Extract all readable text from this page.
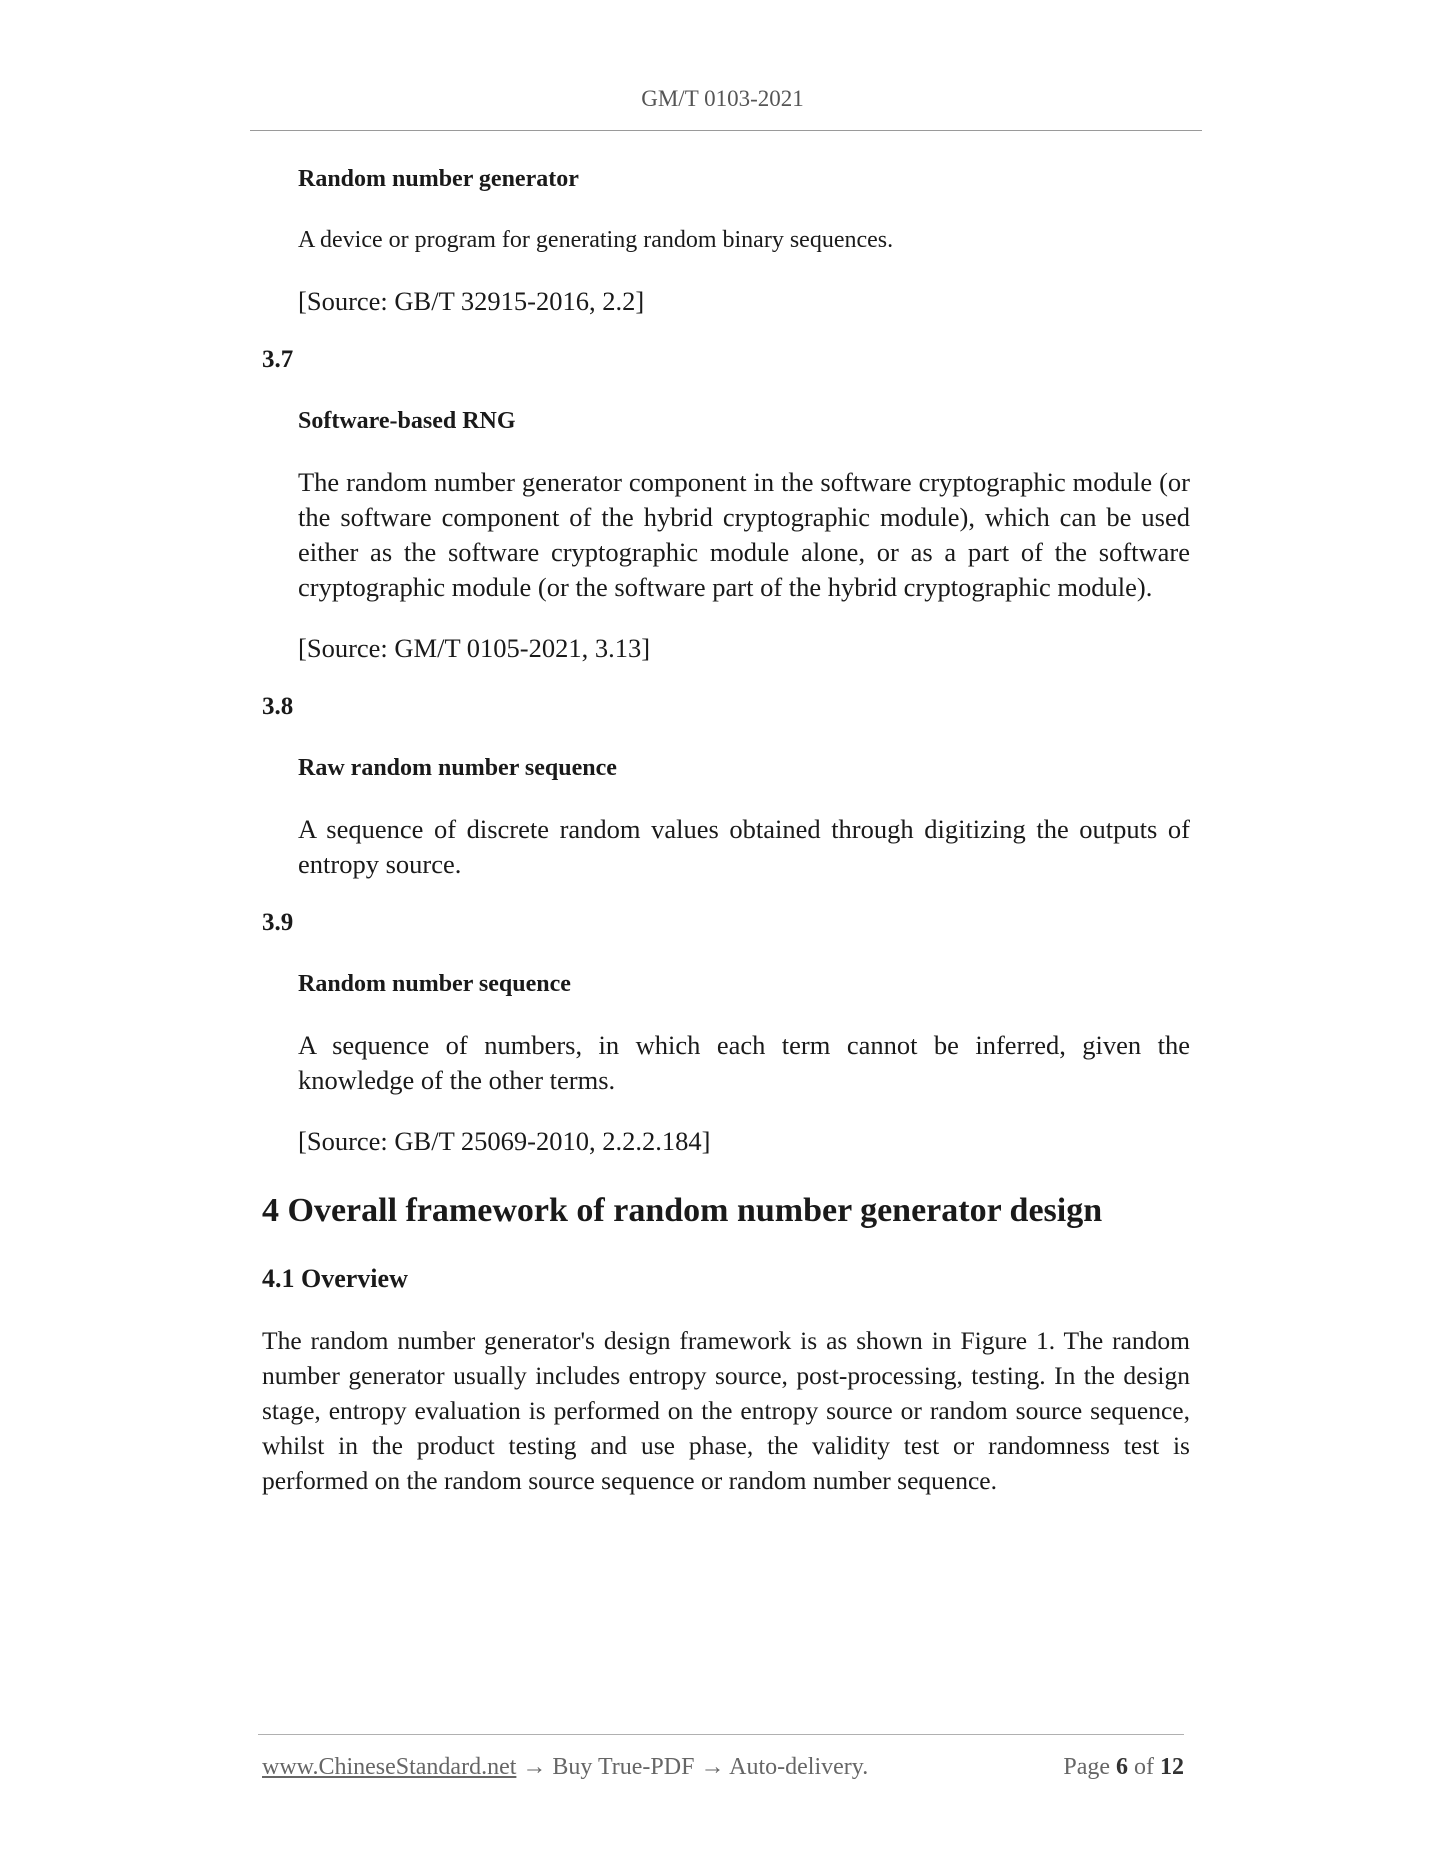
GM/T 0103-2021

Random number generator

A device or program for generating random binary sequences.

[Source: GB/T 32915-2016, 2.2]

3.7

Software-based RNG

The random number generator component in the software cryptographic module (or the software component of the hybrid cryptographic module), which can be used either as the software cryptographic module alone, or as a part of the software cryptographic module (or the software part of the hybrid cryptographic module).

[Source: GM/T 0105-2021, 3.13]

3.8

Raw random number sequence

A sequence of discrete random values obtained through digitizing the outputs of entropy source.

3.9

Random number sequence

A sequence of numbers, in which each term cannot be inferred, given the knowledge of the other terms.

[Source: GB/T 25069-2010, 2.2.2.184]

4 Overall framework of random number generator design
4.1 Overview

The random number generator's design framework is as shown in Figure 1. The random number generator usually includes entropy source, post-processing, testing. In the design stage, entropy evaluation is performed on the entropy source or random source sequence, whilst in the product testing and use phase, the validity test or randomness test is performed on the random source sequence or random number sequence.

www.ChineseStandard.net → Buy True-PDF → Auto-delivery.	Page 6 of 12
